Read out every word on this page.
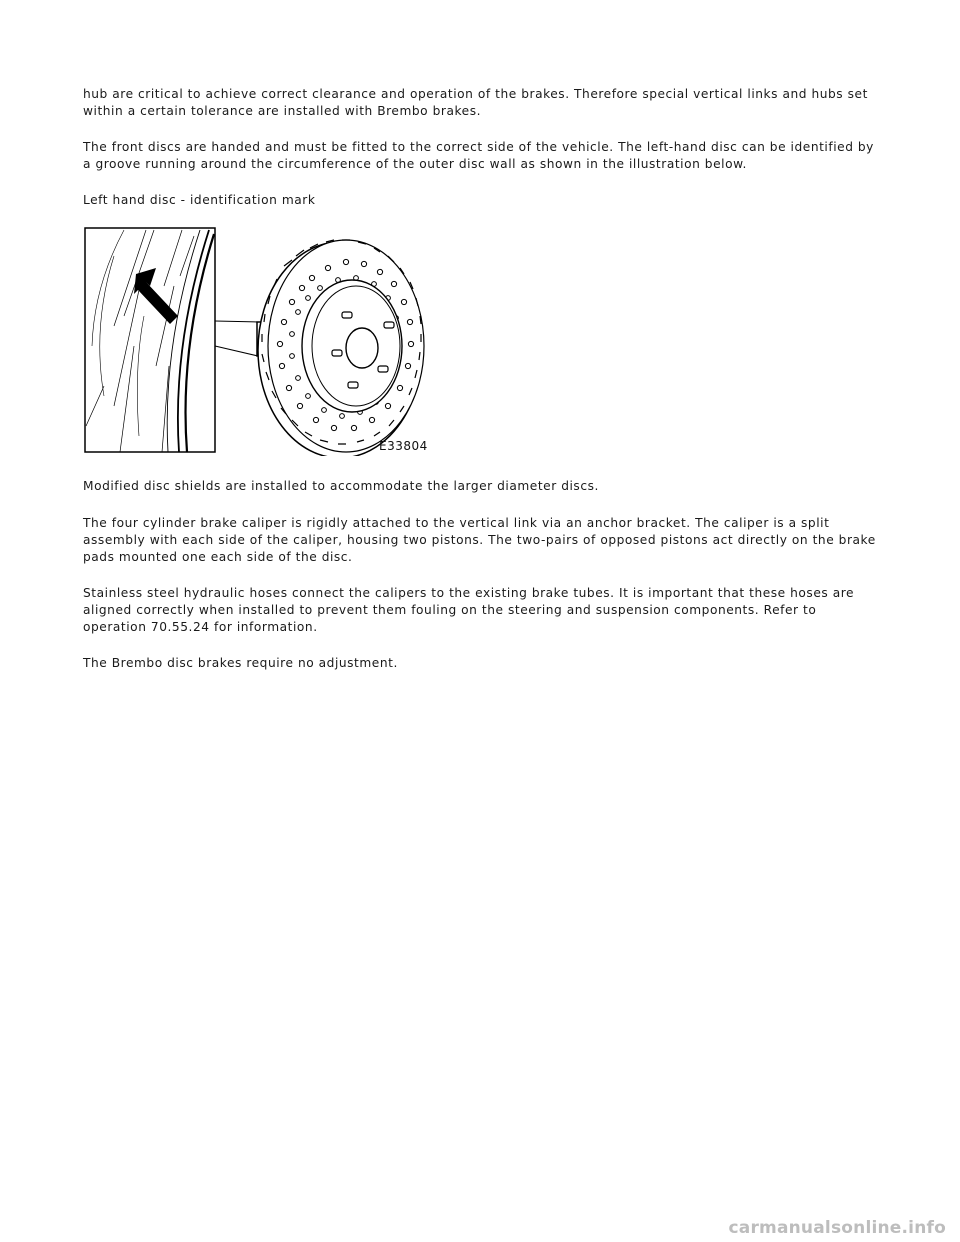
hub are critical to achieve correct clearance and operation of the brakes. Therefore special vertical links and hubs set within a certain tolerance are installed with Brembo brakes.

The front discs are handed and must be fitted to the correct side of the vehicle. The left-hand disc can be identified by a groove running around the circumference of the outer disc wall as shown in the illustration below.

Left hand disc - identification mark

E33804

Modified disc shields are installed to accommodate the larger diameter discs.

The four cylinder brake caliper is rigidly attached to the vertical link via an anchor bracket. The caliper is a split assembly with each side of the caliper, housing two pistons. The two-pairs of opposed pistons act directly on the brake pads mounted one each side of the disc.

Stainless steel hydraulic hoses connect the calipers to the existing brake tubes. It is important that these hoses are aligned correctly when installed to prevent them fouling on the steering and suspension components. Refer to operation 70.55.24 for information.

The Brembo disc brakes require no adjustment.

carmanualsonline.info
